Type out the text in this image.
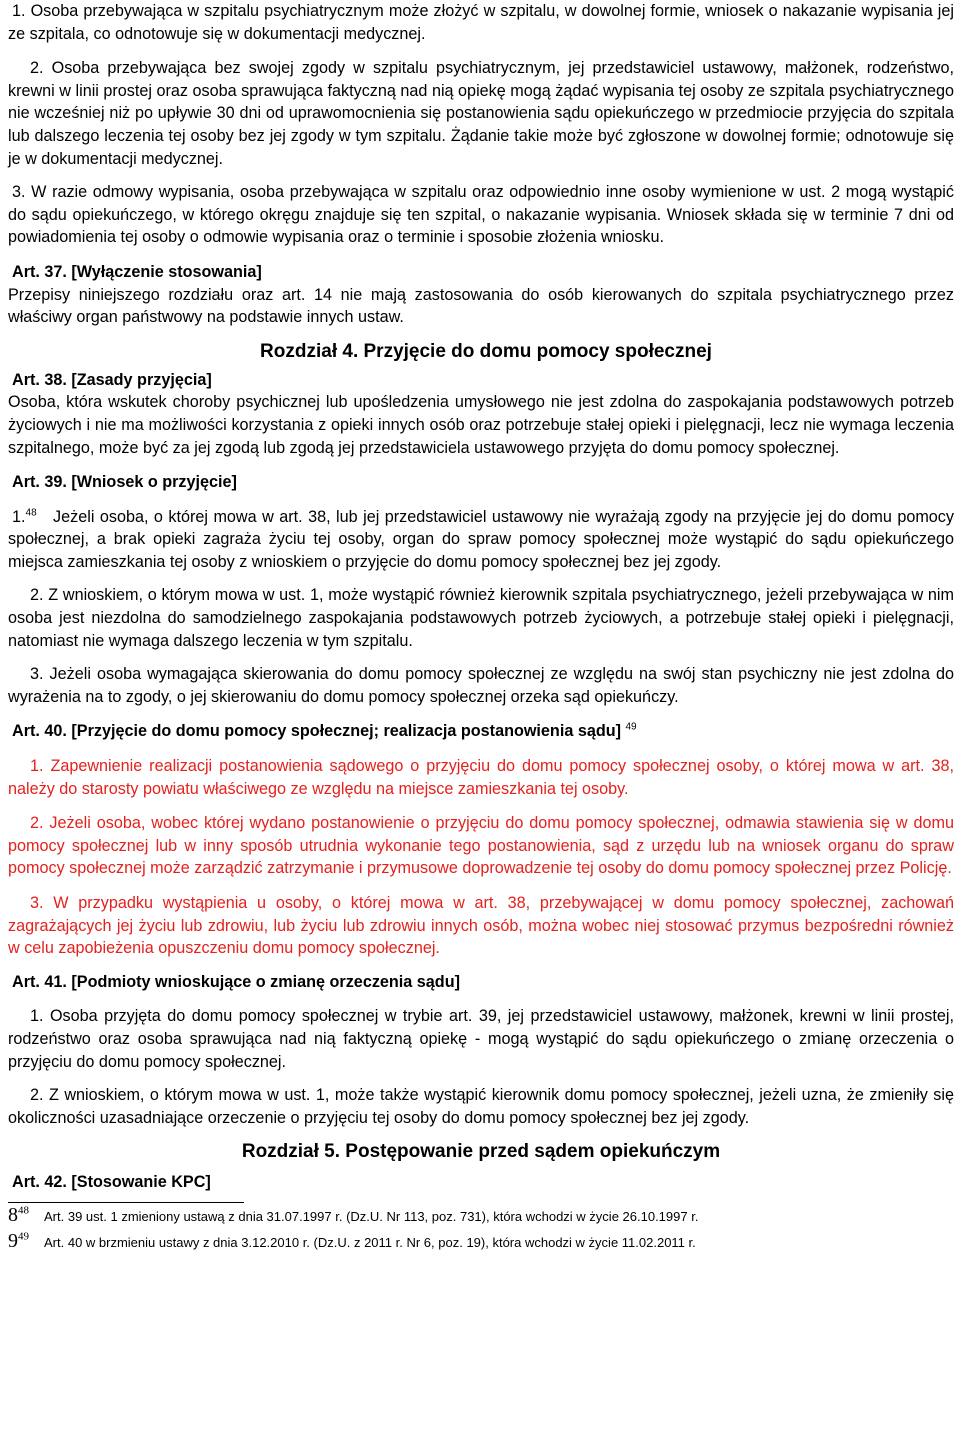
1. Osoba przebywająca w szpitalu psychiatrycznym może złożyć w szpitalu, w dowolnej formie, wniosek o nakazanie wypisania jej ze szpitala, co odnotowuje się w dokumentacji medycznej.

2. Osoba przebywająca bez swojej zgody w szpitalu psychiatrycznym, jej przedstawiciel ustawowy, małżonek, rodzeństwo, krewni w linii prostej oraz osoba sprawująca faktyczną nad nią opiekę mogą żądać wypisania tej osoby ze szpitala psychiatrycznego nie wcześniej niż po upływie 30 dni od uprawomocnienia się postanowienia sądu opiekuńczego w przedmiocie przyjęcia do szpitala lub dalszego leczenia tej osoby bez jej zgody w tym szpitalu. Żądanie takie może być zgłoszone w dowolnej formie; odnotowuje się je w dokumentacji medycznej.

3. W razie odmowy wypisania, osoba przebywająca w szpitalu oraz odpowiednio inne osoby wymienione w ust. 2 mogą wystąpić do sądu opiekuńczego, w którego okręgu znajduje się ten szpital, o nakazanie wypisania. Wniosek składa się w terminie 7 dni od powiadomienia tej osoby o odmowie wypisania oraz o terminie i sposobie złożenia wniosku.

Art. 37. [Wyłączenie stosowania]

Przepisy niniejszego rozdziału oraz art. 14 nie mają zastosowania do osób kierowanych do szpitala psychiatrycznego przez właściwy organ państwowy na podstawie innych ustaw.

Rozdział 4. Przyjęcie do domu pomocy społecznej

Art. 38. [Zasady przyjęcia]

Osoba, która wskutek choroby psychicznej lub upośledzenia umysłowego nie jest zdolna do zaspokajania podstawowych potrzeb życiowych i nie ma możliwości korzystania z opieki innych osób oraz potrzebuje stałej opieki i pielęgnacji, lecz nie wymaga leczenia szpitalnego, może być za jej zgodą lub zgodą jej przedstawiciela ustawowego przyjęta do domu pomocy społecznej.

Art. 39. [Wniosek o przyjęcie]

1.48 Jeżeli osoba, o której mowa w art. 38, lub jej przedstawiciel ustawowy nie wyrażają zgody na przyjęcie jej do domu pomocy społecznej, a brak opieki zagraża życiu tej osoby, organ do spraw pomocy społecznej może wystąpić do sądu opiekuńczego miejsca zamieszkania tej osoby z wnioskiem o przyjęcie do domu pomocy społecznej bez jej zgody.

2. Z wnioskiem, o którym mowa w ust. 1, może wystąpić również kierownik szpitala psychiatrycznego, jeżeli przebywająca w nim osoba jest niezdolna do samodzielnego zaspokajania podstawowych potrzeb życiowych, a potrzebuje stałej opieki i pielęgnacji, natomiast nie wymaga dalszego leczenia w tym szpitalu.

3. Jeżeli osoba wymagająca skierowania do domu pomocy społecznej ze względu na swój stan psychiczny nie jest zdolna do wyrażenia na to zgody, o jej skierowaniu do domu pomocy społecznej orzeka sąd opiekuńczy.

Art. 40. [Przyjęcie do domu pomocy społecznej; realizacja postanowienia sądu] $^{49}$

1. Zapewnienie realizacji postanowienia sądowego o przyjęciu do domu pomocy społecznej osoby, o której mowa w art. 38, należy do starosty powiatu właściwego ze względu na miejsce zamieszkania tej osoby.

2. Jeżeli osoba, wobec której wydano postanowienie o przyjęciu do domu pomocy społecznej, odmawia stawienia się w domu pomocy społecznej lub w inny sposób utrudnia wykonanie tego postanowienia, sąd z urzędu lub na wniosek organu do spraw pomocy społecznej może zarządzić zatrzymanie i przymusowe doprowadzenie tej osoby do domu pomocy społecznej przez Policję.

3. W przypadku wystąpienia u osoby, o której mowa w art. 38, przebywającej w domu pomocy społecznej, zachowań zagrażających jej życiu lub zdrowiu, lub życiu lub zdrowiu innych osób, można wobec niej stosować przymus bezpośredni również w celu zapobieżenia opuszczeniu domu pomocy społecznej.

Art. 41. [Podmioty wnioskujące o zmianę orzeczenia sądu]

1. Osoba przyjęta do domu pomocy społecznej w trybie art. 39, jej przedstawiciel ustawowy, małżonek, krewni w linii prostej, rodzeństwo oraz osoba sprawująca nad nią faktyczną opiekę - mogą wystąpić do sądu opiekuńczego o zmianę orzeczenia o przyjęciu do domu pomocy społecznej.

2. Z wnioskiem, o którym mowa w ust. 1, może także wystąpić kierownik domu pomocy społecznej, jeżeli uzna, że zmieniły się okoliczności uzasadniające orzeczenie o przyjęciu tej osoby do domu pomocy społecznej bez jej zgody.

Rozdział 5. Postępowanie przed sądem opiekuńczym

Art. 42. [Stosowanie KPC]

$8^{48}$	Art. 39 ust. 1 zmieniony ustawą z dnia 31.07.1997 r. (Dz.U. Nr 113, poz. 731), która wchodzi w życie 26.10.1997 r.
$9^{49}$	Art. 40 w brzmieniu ustawy z dnia 3.12.2010 r. (Dz.U. z 2011 r. Nr 6, poz. 19), która wchodzi w życie 11.02.2011 r.
